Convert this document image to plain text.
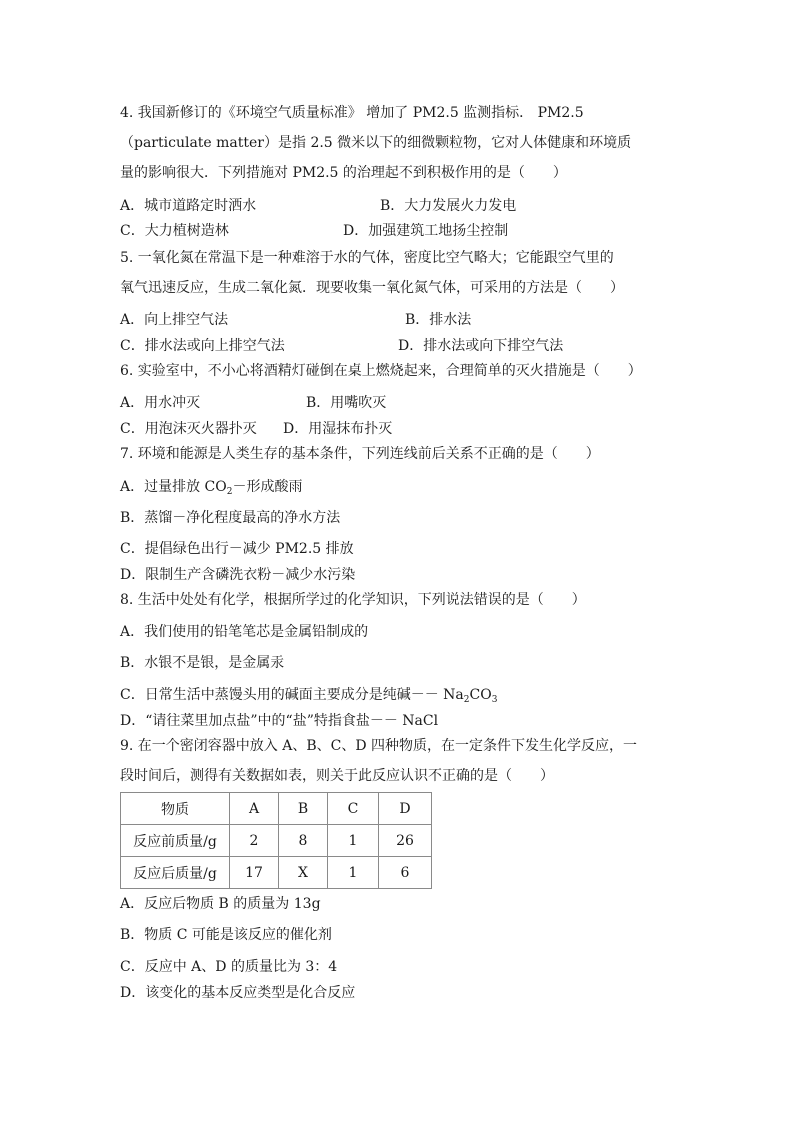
4. 我国新修订的《环境空气质量标准》 增加了 PM2.5 监测指标． PM2.5
（particulate matter）是指 2.5 微米以下的细微颗粒物，它对人体健康和环境质
量的影响很大．下列措施对 PM2.5 的治理起不到积极作用的是（　　）
A．城市道路定时洒水	B．大力发展火力发电
C．大力植树造林	D．加强建筑工地扬尘控制
5. 一氧化氮在常温下是一种难溶于水的气体，密度比空气略大；它能跟空气里的
氧气迅速反应，生成二氧化氮．现要收集一氧化氮气体，可采用的方法是（　　）
A．向上排空气法	B．排水法
C．排水法或向上排空气法	D．排水法或向下排空气法
6. 实验室中，不小心将酒精灯碰倒在桌上燃烧起来，合理简单的灭火措施是（　　）
A．用水冲灭	B．用嘴吹灭
C．用泡沫灭火器扑灭 D．用湿抹布扑灭
7. 环境和能源是人类生存的基本条件，下列连线前后关系不正确的是（　　）
A．过量排放 $CO_2-$形成酸雨
B．蒸馏－净化程度最高的净水方法
C．提倡绿色出行－减少 PM2.5 排放
D．限制生产含磷洗衣粉－减少水污染
8. 生活中处处有化学，根据所学过的化学知识，下列说法错误的是（　　）
A．我们使用的铅笔笔芯是金属铅制成的
B．水银不是银，是金属汞
C．日常生活中蒸馒头用的碱面主要成分是纯碱－－ $Na_2CO_3$
D．“请往菜里加点盐”中的“盐”特指食盐－－ NaCl
9. 在一个密闭容器中放入 A、B、C、D 四种物质，在一定条件下发生化学反应，一
段时间后，测得有关数据如表，则关于此反应认识不正确的是（　　）
物质	A	B	C	D
反应前质量/g	2	8	1	26
反应后质量/g	17	X	1	6
A．反应后物质 B 的质量为 13g
B．物质 C 可能是该反应的催化剂
C．反应中 A、D 的质量比为 3：4
D．该变化的基本反应类型是化合反应
